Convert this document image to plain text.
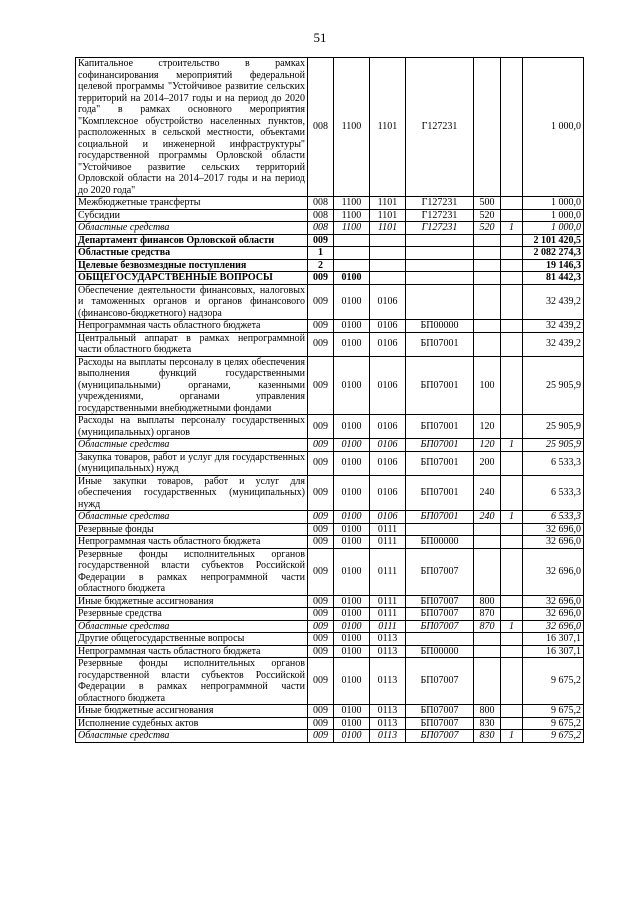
51
Капитальное строительство в рамках софинансирования мероприятий федеральной целевой программы "Устойчивое развитие сельских территорий на 2014–2017 годы и на период до 2020 года" в рамках основного мероприятия "Комплексное обустройство населенных пунктов, расположенных в сельской местности, объектами социальной и инженерной инфраструктуры" государственной программы Орловской области "Устойчивое развитие сельских территорий Орловской области на 2014–2017 годы и на период до 2020 года"	008	1100	1101	Г127231			1 000,0
Межбюджетные трансферты	008	1100	1101	Г127231	500		1 000,0
Субсидии	008	1100	1101	Г127231	520		1 000,0
Областные средства	008	1100	1101	Г127231	520	1	1 000,0
Департамент финансов Орловской области	009						2 101 420,5
Областные средства	1						2 082 274,3
Целевые безвозмездные поступления	2						19 146,3
ОБЩЕГОСУДАРСТВЕННЫЕ ВОПРОСЫ	009	0100					81 442,3
Обеспечение деятельности финансовых, налоговых и таможенных органов и органов финансового (финансово-бюджетного) надзора	009	0100	0106				32 439,2
Непрограммная часть областного бюджета	009	0100	0106	БП00000			32 439,2
Центральный аппарат в рамках непрограммной части областного бюджета	009	0100	0106	БП07001			32 439,2
Расходы на выплаты персоналу в целях обеспечения выполнения функций государственными (муниципальными) органами, казенными учреждениями, органами управления государственными внебюджетными фондами	009	0100	0106	БП07001	100		25 905,9
Расходы на выплаты персоналу государственных (муниципальных) органов	009	0100	0106	БП07001	120		25 905,9
Областные средства	009	0100	0106	БП07001	120	1	25 905,9
Закупка товаров, работ и услуг для государственных (муниципальных) нужд	009	0100	0106	БП07001	200		6 533,3
Иные закупки товаров, работ и услуг для обеспечения государственных (муниципальных) нужд	009	0100	0106	БП07001	240		6 533,3
Областные средства	009	0100	0106	БП07001	240	1	6 533,3
Резервные фонды	009	0100	0111				32 696,0
Непрограммная часть областного бюджета	009	0100	0111	БП00000			32 696,0
Резервные фонды исполнительных органов государственной власти субъектов Российской Федерации в рамках непрограммной части областного бюджета	009	0100	0111	БП07007			32 696,0
Иные бюджетные ассигнования	009	0100	0111	БП07007	800		32 696,0
Резервные средства	009	0100	0111	БП07007	870		32 696,0
Областные средства	009	0100	0111	БП07007	870	1	32 696,0
Другие общегосударственные вопросы	009	0100	0113				16 307,1
Непрограммная часть областного бюджета	009	0100	0113	БП00000			16 307,1
Резервные фонды исполнительных органов государственной власти субъектов Российской Федерации в рамках непрограммной части областного бюджета	009	0100	0113	БП07007			9 675,2
Иные бюджетные ассигнования	009	0100	0113	БП07007	800		9 675,2
Исполнение судебных актов	009	0100	0113	БП07007	830		9 675,2
Областные средства	009	0100	0113	БП07007	830	1	9 675,2
